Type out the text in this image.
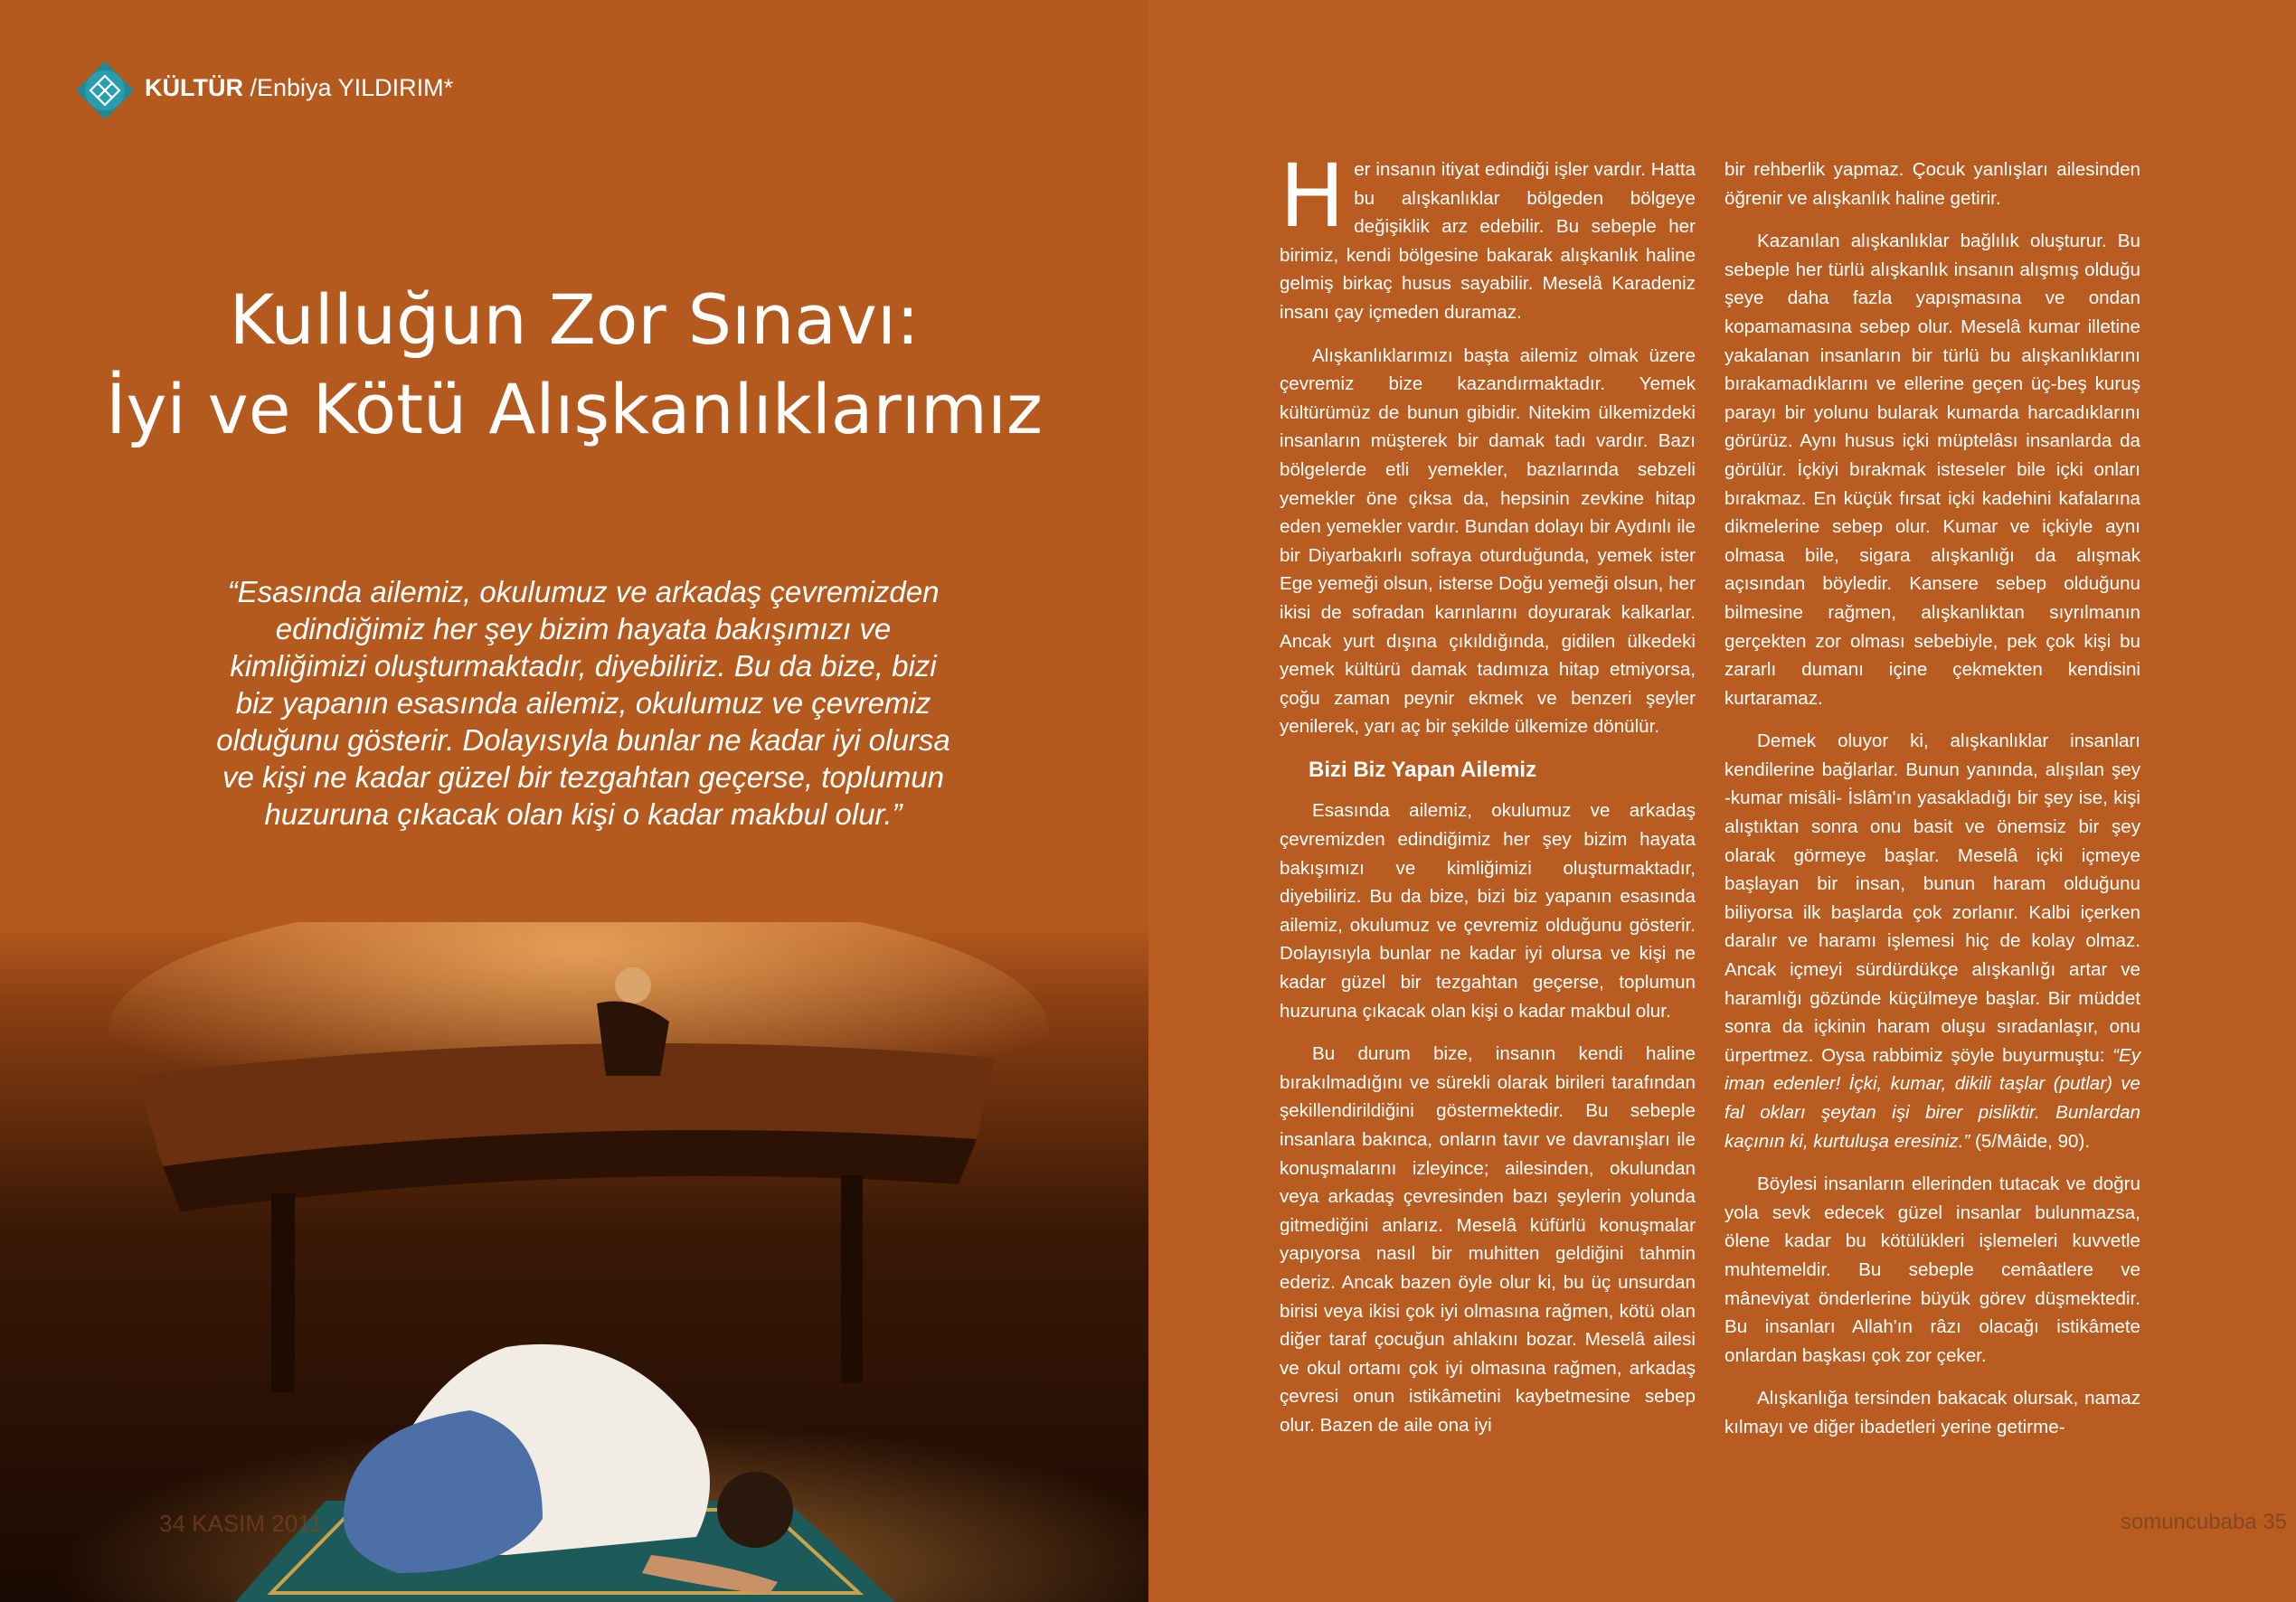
KÜLTÜR /Enbiya YILDIRIM*
Kulluğun Zor Sınavı:
İyi ve Kötü Alışkanlıklarımız

“Esasında ailemiz, okulumuz ve arkadaş çevremizden edindiğimiz her şey bizim hayata bakışımızı ve kimliğimizi oluşturmaktadır, diyebiliriz. Bu da bize, bizi biz yapanın esasında ailemiz, okulumuz ve çevremiz olduğunu gösterir. Dolayısıyla bunlar ne kadar iyi olursa ve kişi ne kadar güzel bir tezgahtan geçerse, toplumun huzuruna çıkacak olan kişi o kadar makbul olur.”

34 KASIM 2011

Her insanın itiyat edindiği işler vardır. Hatta bu alışkanlıklar bölgeden bölgeye değişiklik arz edebilir. Bu sebeple her birimiz, kendi bölgesine bakarak alışkanlık haline gelmiş birkaç husus sayabilir. Meselâ Karadeniz insanı çay içmeden duramaz.

Alışkanlıklarımızı başta ailemiz olmak üzere çevremiz bize kazandırmaktadır. Yemek kültürümüz de bunun gibidir. Nitekim ülkemizdeki insanların müşterek bir damak tadı vardır. Bazı bölgelerde etli yemekler, bazılarında sebzeli yemekler öne çıksa da, hepsinin zevkine hitap eden yemekler vardır. Bundan dolayı bir Aydınlı ile bir Diyarbakırlı sofraya oturduğunda, yemek ister Ege yemeği olsun, isterse Doğu yemeği olsun, her ikisi de sofradan karınlarını doyurarak kalkarlar. Ancak yurt dışına çıkıldığında, gidilen ülkedeki yemek kültürü damak tadımıza hitap etmiyorsa, çoğu zaman peynir ekmek ve benzeri şeyler yenilerek, yarı aç bir şekilde ülkemize dönülür.

Bizi Biz Yapan Ailemiz

Esasında ailemiz, okulumuz ve arkadaş çevremizden edindiğimiz her şey bizim hayata bakışımızı ve kimliğimizi oluşturmaktadır, diyebiliriz. Bu da bize, bizi biz yapanın esasında ailemiz, okulumuz ve çevremiz olduğunu gösterir. Dolayısıyla bunlar ne kadar iyi olursa ve kişi ne kadar güzel bir tezgahtan geçerse, toplumun huzuruna çıkacak olan kişi o kadar makbul olur.

Bu durum bize, insanın kendi haline bırakılmadığını ve sürekli olarak birileri tarafından şekillendirildiğini göstermektedir. Bu sebeple insanlara bakınca, onların tavır ve davranışları ile konuşmalarını izleyince; ailesinden, okulundan veya arkadaş çevresinden bazı şeylerin yolunda gitmediğini anlarız. Meselâ küfürlü konuşmalar yapıyorsa nasıl bir muhitten geldiğini tahmin ederiz. Ancak bazen öyle olur ki, bu üç unsurdan birisi veya ikisi çok iyi olmasına rağmen, kötü olan diğer taraf çocuğun ahlakını bozar. Meselâ ailesi ve okul ortamı çok iyi olmasına rağmen, arkadaş çevresi onun istikâmetini kaybetmesine sebep olur. Bazen de aile ona iyi

bir rehberlik yapmaz. Çocuk yanlışları ailesinden öğrenir ve alışkanlık haline getirir.

Kazanılan alışkanlıklar bağlılık oluşturur. Bu sebeple her türlü alışkanlık insanın alışmış olduğu şeye daha fazla yapışmasına ve ondan kopamamasına sebep olur. Meselâ kumar illetine yakalanan insanların bir türlü bu alışkanlıklarını bırakamadıklarını ve ellerine geçen üç-beş kuruş parayı bir yolunu bularak kumarda harcadıklarını görürüz. Aynı husus içki müptelâsı insanlarda da görülür. İçkiyi bırakmak isteseler bile içki onları bırakmaz. En küçük fırsat içki kadehini kafalarına dikmelerine sebep olur. Kumar ve içkiyle aynı olmasa bile, sigara alışkanlığı da alışmak açısından böyledir. Kansere sebep olduğunu bilmesine rağmen, alışkanlıktan sıyrılmanın gerçekten zor olması sebebiyle, pek çok kişi bu zararlı dumanı içine çekmekten kendisini kurtaramaz.

Demek oluyor ki, alışkanlıklar insanları kendilerine bağlarlar. Bunun yanında, alışılan şey -kumar misâli- İslâm'ın yasakladığı bir şey ise, kişi alıştıktan sonra onu basit ve önemsiz bir şey olarak görmeye başlar. Meselâ içki içmeye başlayan bir insan, bunun haram olduğunu biliyorsa ilk başlarda çok zorlanır. Kalbi içerken daralır ve haramı işlemesi hiç de kolay olmaz. Ancak içmeyi sürdürdükçe alışkanlığı artar ve haramlığı gözünde küçülmeye başlar. Bir müddet sonra da içkinin haram oluşu sıradanlaşır, onu ürpertmez. Oysa rabbimiz şöyle buyurmuştu: “Ey iman edenler! İçki, kumar, dikili taşlar (putlar) ve fal okları şeytan işi birer pisliktir. Bunlardan kaçının ki, kurtuluşa eresiniz.” (5/Mâide, 90).

Böylesi insanların ellerinden tutacak ve doğru yola sevk edecek güzel insanlar bulunmazsa, ölene kadar bu kötülükleri işlemeleri kuvvetle muhtemeldir. Bu sebeple cemâatlere ve mâneviyat önderlerine büyük görev düşmektedir. Bu insanları Allah'ın râzı olacağı istikâmete onlardan başkası çok zor çeker.

Alışkanlığa tersinden bakacak olursak, namaz kılmayı ve diğer ibadetleri yerine getirme-

somuncubaba 35
